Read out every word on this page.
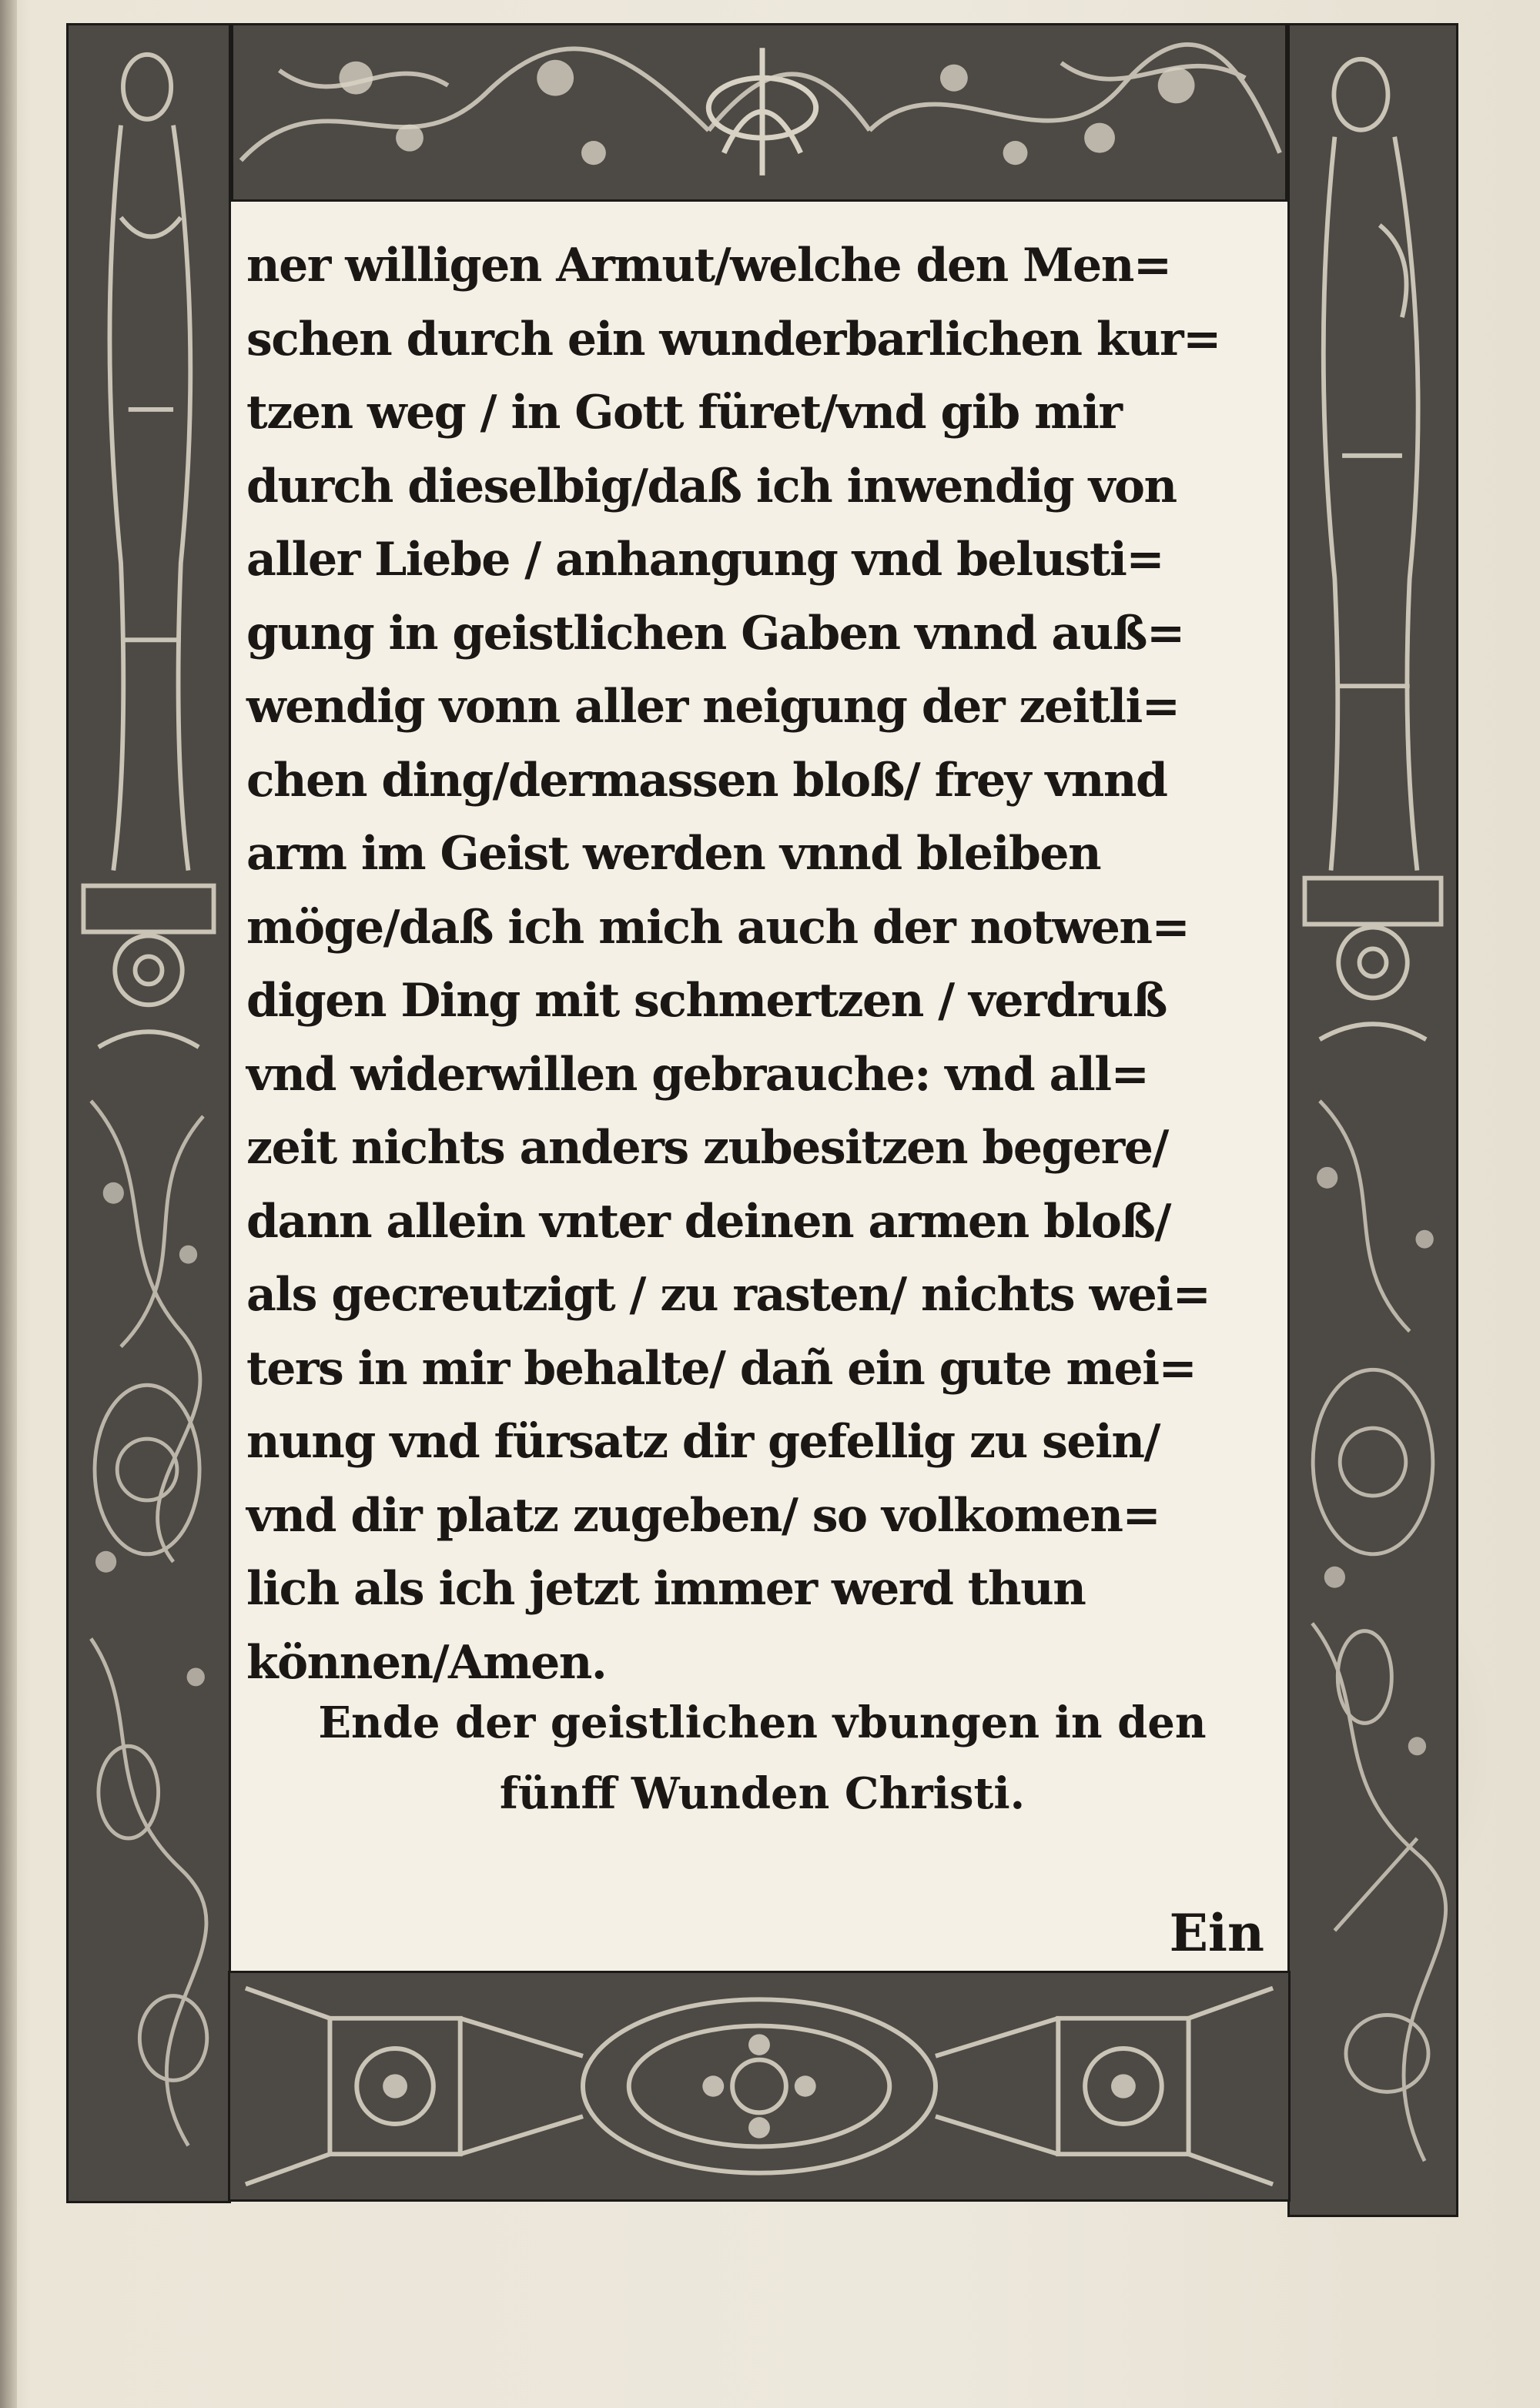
ner willigen Armut/welche den Men=
schen durch ein wunderbarlichen kur=
tzen weg / in Gott füret/vnd gib mir
durch dieselbig/daß ich inwendig von
aller Liebe / anhangung vnd belusti=
gung in geistlichen Gaben vnnd auß=
wendig vonn aller neigung der zeitli=
chen ding/dermassen bloß/ frey vnnd
arm im Geist werden vnnd bleiben
möge/daß ich mich auch der notwen=
digen Ding mit schmertzen / verdruß
vnd widerwillen gebrauche: vnd all=
zeit nichts anders zubesitzen begere/
dann allein vnter deinen armen bloß/
als gecreutzigt / zu rasten/ nichts wei=
ters in mir behalte/ dañ ein gute mei=
nung vnd fürsatz dir gefellig zu sein/
vnd dir platz zugeben/ so volkomen=
lich als ich jetzt immer werd thun
können/Amen.
Ende der geistlichen vbungen in den
fünff Wunden Christi.
Ein
